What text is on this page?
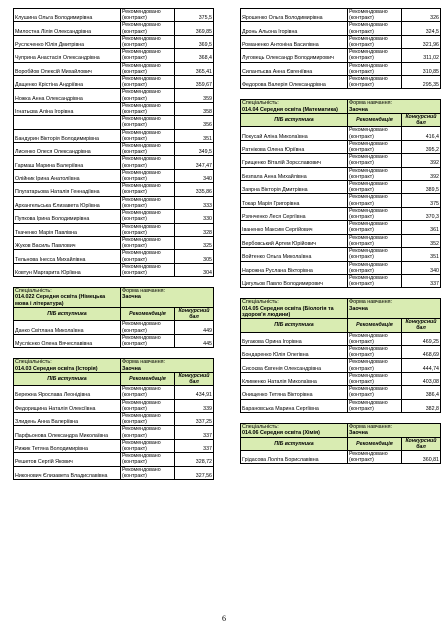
Клушина Ольга Володимирівна	Рекомендовано (контракт)	375,5
Милостна Лілія Олександрівна	Рекомендовано (контракт)	369,85
Руслєченко Юлія Дмитрівна	Рекомендовано (контракт)	369,5
Чуприна Анастасія Олександрівна	Рекомендовано (контракт)	368,4
Воробйов Олексій Михайлович	Рекомендовано (контракт)	365,41
Дащенко Крістіна Андріївна	Рекомендовано (контракт)	359,67
Ножка Анна Олександрівна	Рекомендовано (контракт)	359
Ігнатьєва Аліна Ігорівна	Рекомендовано (контракт)	358
	Рекомендовано (контракт)	356
Бандурин Вікторія Володимирівна	Рекомендовано (контракт)	351
Лисенко Олеся Олександрівна	Рекомендовано (контракт)	349,5
Гармаш Марина Валеріївна	Рекомендовано (контракт)	347,47
Олійник Ірина Анатоліївна	Рекомендовано (контракт)	340
Плугатарьова Наталія Геннадіївна	Рекомендовано (контракт)	335,86
Архангельська Єлизавета Юріївна	Рекомендовано (контракт)	333
Пупкова Ірина Володимирівна	Рекомендовано (контракт)	330
Ткаченко Марія Павлівна	Рекомендовано (контракт)	328
Жуков Василь Павлович	Рекомендовано (контракт)	325
Тельнова Інесса Михайлівна	Рекомендовано (контракт)	305
Ковтун Маргарита Юріївна	Рекомендовано (контракт)	304
Спеціальність:
014.022 Середня освіта (Німецька мова і література)	Форма навчання:
Заочна	
ПІБ вступника	Рекомендація	Конкурсний бал
Данко Світлана Миколаївна	Рекомендовано (контракт)	449
Муслієнко Олена Вячеславівна	Рекомендовано (контракт)	445
Спеціальність:
014.03 Середня освіта (Історія)	Форма навчання:
Заочна	
ПІБ вступника	Рекомендація	Конкурсний бал
Бережна Ярослава Леонідівна	Рекомендовано (контракт)	434,91
Федорищина Наталія Олексіївна	Рекомендовано (контракт)	339
Злидень Анна Валеріївна	Рекомендовано (контракт)	337,25
Парфьонова Олександра Миколаївна	Рекомендовано (контракт)	337
Рижик Тетяна Володимирівна	Рекомендовано (контракт)	337
Решетов Сергій Якович	Рекомендовано (контракт)	328,72
Никонович Єлизавета Владиславівна	Рекомендовано (контракт)	327,56
Ярошенко Ольга Володимирівна	Рекомендовано (контракт)	326
Дронь Альона Ігорівна	Рекомендовано (контракт)	324,5
Романенко Антоніна Василівна	Рекомендовано (контракт)	321,96
Луговець Олександр Володимирович	Рекомендовано (контракт)	311,02
Силантьєва Анна Євгеніївна	Рекомендовано (контракт)	310,85
Федорова Валерія Олександрівна	Рекомендовано (контракт)	295,35
Спеціальність:
014.04 Середня освіта (Математика)	Форма навчання:
Заочна	
ПІБ вступника	Рекомендація	Конкурсний бал
Покусай Аліна Миколаївна	Рекомендовано (контракт)	416,4
Ратнікова Олена Юріївна	Рекомендовано (контракт)	395,2
Грищенко Віталій Зорєславович	Рекомендовано (контракт)	392
Безпала Анна Михайлівна	Рекомендовано (контракт)	392
Заярна Вікторія Дмитрівна	Рекомендовано (контракт)	389,5
Токар Марія Григорівна	Рекомендовано (контракт)	375
Рзянченко Леся Сергіївна	Рекомендовано (контракт)	370,3
Іваненко Максим Сергійович	Рекомендовано (контракт)	361
Вербовський Артем Юрійович	Рекомендовано (контракт)	352
Войтенко Ольга Миколаївна	Рекомендовано (контракт)	351
Нарожна Руслана Вікторівна	Рекомендовано (контракт)	340
Цигульов Павло Володимирович	Рекомендовано (контракт)	337
Спеціальність:
014.05 Середня освіта (Біологія та здоров'я людини)	Форма навчання:
Заочна	
ПІБ вступника	Рекомендація	Конкурсний бал
Бугакова Орина Ігорівна	Рекомендовано (контракт)	469,25
Бондаренко Юлія Олегівна	Рекомендовано (контракт)	468,69
Сисоєва Євгенія Олександрівна	Рекомендовано (контракт)	444,74
Клименко Наталія Миколаївна	Рекомендовано (контракт)	403,08
Онищенко Тетяна Вікторівна	Рекомендовано (контракт)	386,4
Барановська Марина Сергіївна	Рекомендовано (контракт)	382,8
Спеціальність:
014.06 Середня освіта (Хімія)	Форма навчання:
Заочна	
ПІБ вступника	Рекомендація	Конкурсний бал
Грідасова Лоліта Бориславівна	Рекомендовано (контракт)	360,81
6
